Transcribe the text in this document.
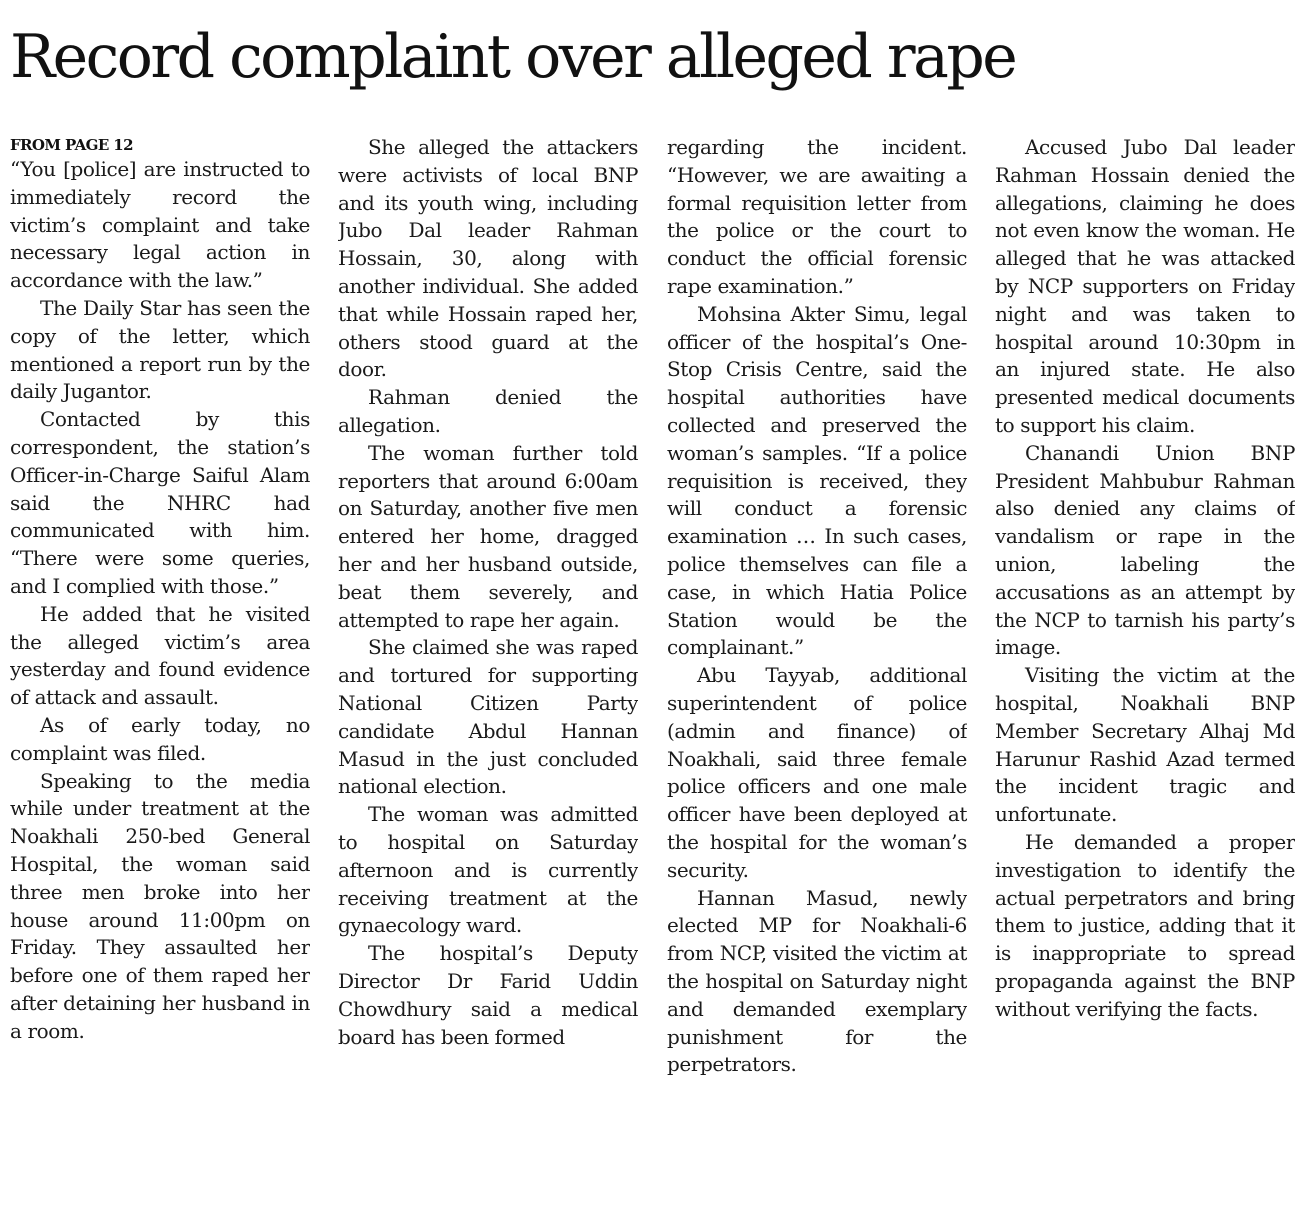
Record complaint over alleged rape

FROM PAGE 12

“You [police] are instructed to immediately record the victim’s complaint and take necessary legal action in accordance with the law.”

The Daily Star has seen the copy of the letter, which mentioned a report run by the daily Jugantor.

Contacted by this correspondent, the station’s Officer-in-Charge Saiful Alam said the NHRC had communicated with him. “There were some queries, and I complied with those.”

He added that he visited the alleged victim’s area yesterday and found evidence of attack and assault.

As of early today, no complaint was filed.

Speaking to the media while under treatment at the Noakhali 250-bed General Hospital, the woman said three men broke into her house around 11:00pm on Friday. They assaulted her before one of them raped her after detaining her husband in a room.

She alleged the attackers were activists of local BNP and its youth wing, including Jubo Dal leader Rahman Hossain, 30, along with another individual. She added that while Hossain raped her, others stood guard at the door.

Rahman denied the allegation.

The woman further told reporters that around 6:00am on Saturday, another five men entered her home, dragged her and her husband outside, beat them severely, and attempted to rape her again.

She claimed she was raped and tortured for supporting National Citizen Party candidate Abdul Hannan Masud in the just concluded national election.

The woman was admitted to hospital on Saturday afternoon and is currently receiving treatment at the gynaecology ward.

The hospital’s Deputy Director Dr Farid Uddin Chowdhury said a medical board has been formed

regarding the incident. “However, we are awaiting a formal requisition letter from the police or the court to conduct the official forensic rape examination.”

Mohsina Akter Simu, legal officer of the hospital’s One-Stop Crisis Centre, said the hospital authorities have collected and preserved the woman’s samples. “If a police requisition is received, they will conduct a forensic examination … In such cases, police themselves can file a case, in which Hatia Police Station would be the complainant.”

Abu Tayyab, additional superintendent of police (admin and finance) of Noakhali, said three female police officers and one male officer have been deployed at the hospital for the woman’s security.

Hannan Masud, newly elected MP for Noakhali-6 from NCP, visited the victim at the hospital on Saturday night and demanded exemplary punishment for the perpetrators.

Accused Jubo Dal leader Rahman Hossain denied the allegations, claiming he does not even know the woman. He alleged that he was attacked by NCP supporters on Friday night and was taken to hospital around 10:30pm in an injured state. He also presented medical documents to support his claim.

Chanandi Union BNP President Mahbubur Rahman also denied any claims of vandalism or rape in the union, labeling the accusations as an attempt by the NCP to tarnish his party’s image.

Visiting the victim at the hospital, Noakhali BNP Member Secretary Alhaj Md Harunur Rashid Azad termed the incident tragic and unfortunate.

He demanded a proper investigation to identify the actual perpetrators and bring them to justice, adding that it is inappropriate to spread propaganda against the BNP without verifying the facts.
